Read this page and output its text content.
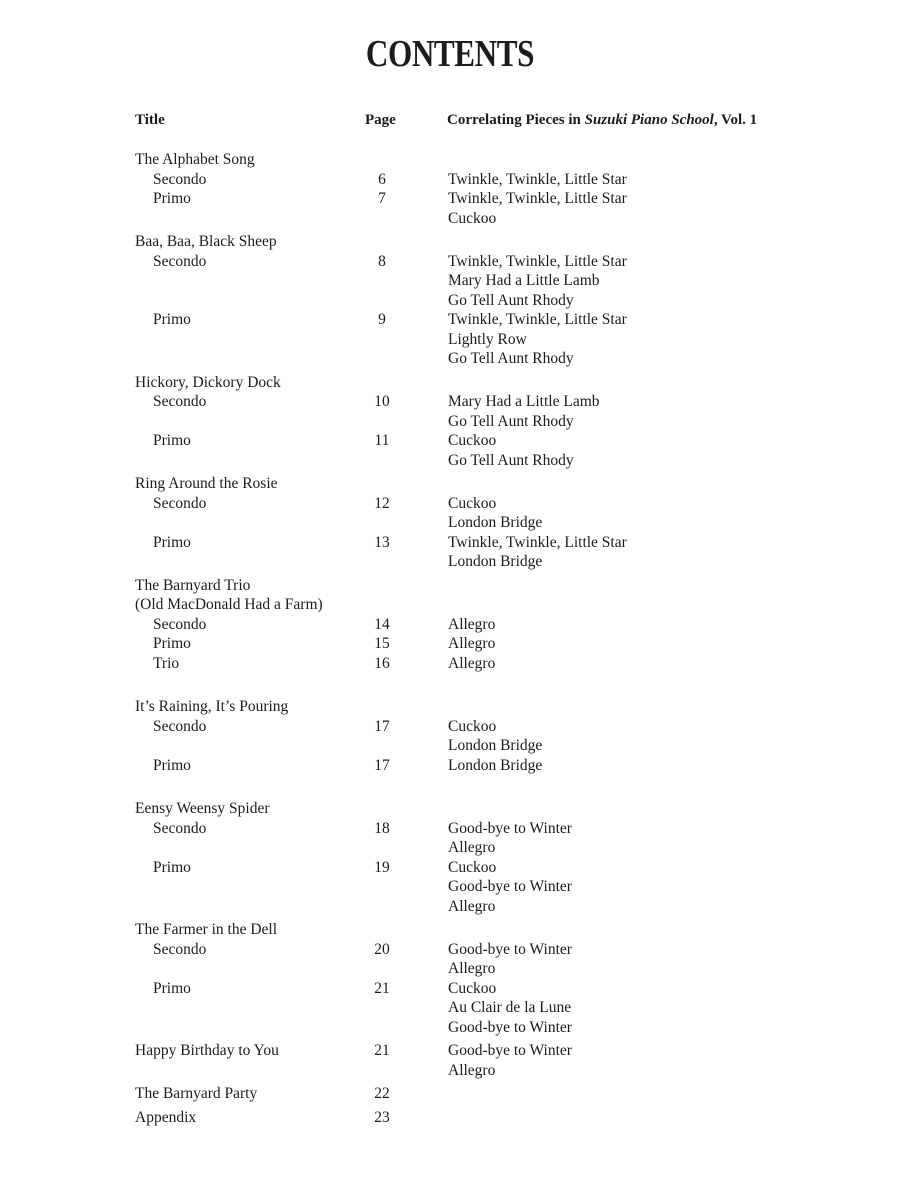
CONTENTS
Title	Page	Correlating Pieces in Suzuki Piano School, Vol. 1
The Alphabet Song
Secondo	6	Twinkle, Twinkle, Little Star
Primo	7	Twinkle, Twinkle, Little Star
Cuckoo
Baa, Baa, Black Sheep
Secondo	8	Twinkle, Twinkle, Little Star
Mary Had a Little Lamb
Go Tell Aunt Rhody
Primo	9	Twinkle, Twinkle, Little Star
Lightly Row
Go Tell Aunt Rhody
Hickory, Dickory Dock
Secondo	10	Mary Had a Little Lamb
Go Tell Aunt Rhody
Primo	11	Cuckoo
Go Tell Aunt Rhody
Ring Around the Rosie
Secondo	12	Cuckoo
London Bridge
Primo	13	Twinkle, Twinkle, Little Star
London Bridge
The Barnyard Trio
(Old MacDonald Had a Farm)
Secondo	14	Allegro
Primo	15	Allegro
Trio	16	Allegro
It’s Raining, It’s Pouring
Secondo	17	Cuckoo
London Bridge
Primo	17	London Bridge
Eensy Weensy Spider
Secondo	18	Good-bye to Winter
Allegro
Primo	19	Cuckoo
Good-bye to Winter
Allegro
The Farmer in the Dell
Secondo	20	Good-bye to Winter
Allegro
Primo	21	Cuckoo
Au Clair de la Lune
Good-bye to Winter
Happy Birthday to You	21	Good-bye to Winter
Allegro
The Barnyard Party	22
Appendix	23
